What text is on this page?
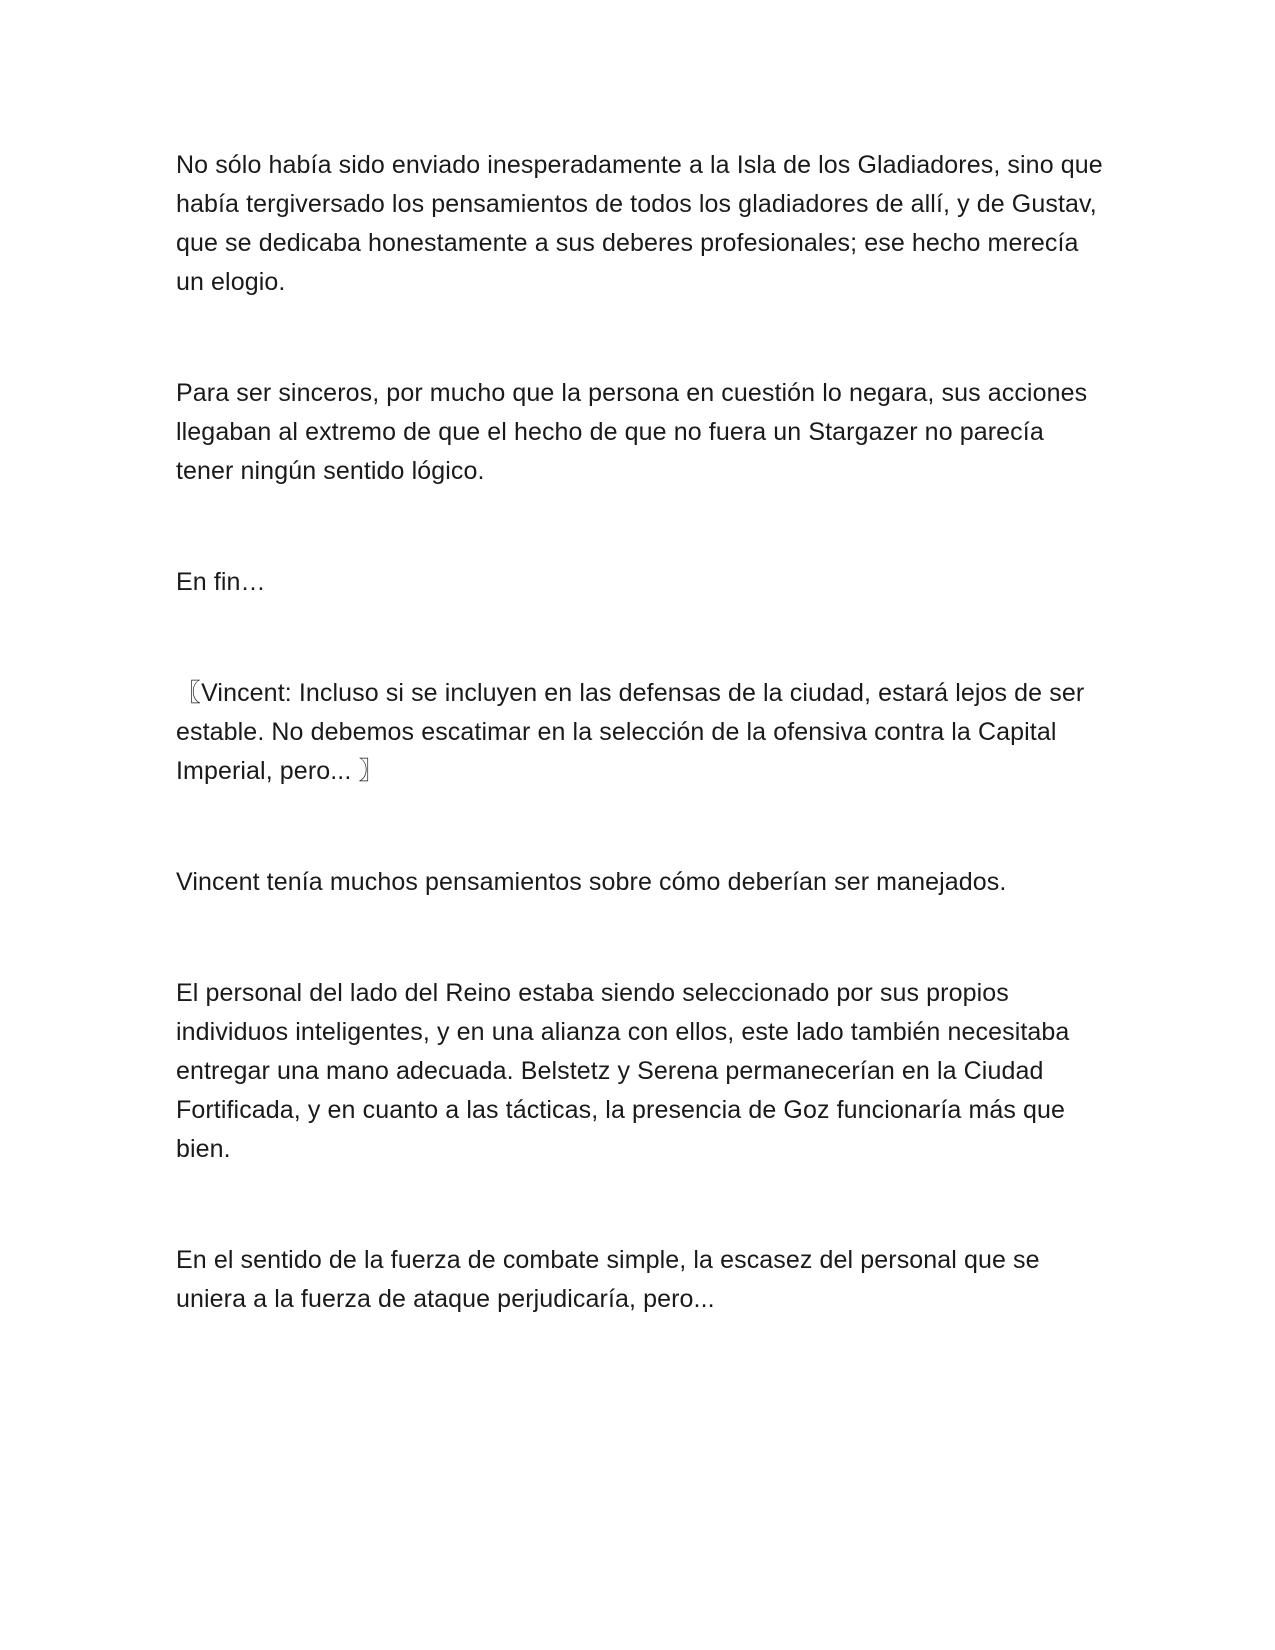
No sólo había sido enviado inesperadamente a la Isla de los Gladiadores, sino que había tergiversado los pensamientos de todos los gladiadores de allí, y de Gustav, que se dedicaba honestamente a sus deberes profesionales; ese hecho merecía un elogio.

Para ser sinceros, por mucho que la persona en cuestión lo negara, sus acciones llegaban al extremo de que el hecho de que no fuera un Stargazer no parecía tener ningún sentido lógico.

En fin…

〖Vincent: Incluso si se incluyen en las defensas de la ciudad, estará lejos de ser estable. No debemos escatimar en la selección de la ofensiva contra la Capital Imperial, pero... 〗

Vincent tenía muchos pensamientos sobre cómo deberían ser manejados.

El personal del lado del Reino estaba siendo seleccionado por sus propios individuos inteligentes, y en una alianza con ellos, este lado también necesitaba entregar una mano adecuada. Belstetz y Serena permanecerían en la Ciudad Fortificada, y en cuanto a las tácticas, la presencia de Goz funcionaría más que bien.

En el sentido de la fuerza de combate simple, la escasez del personal que se uniera a la fuerza de ataque perjudicaría, pero...
